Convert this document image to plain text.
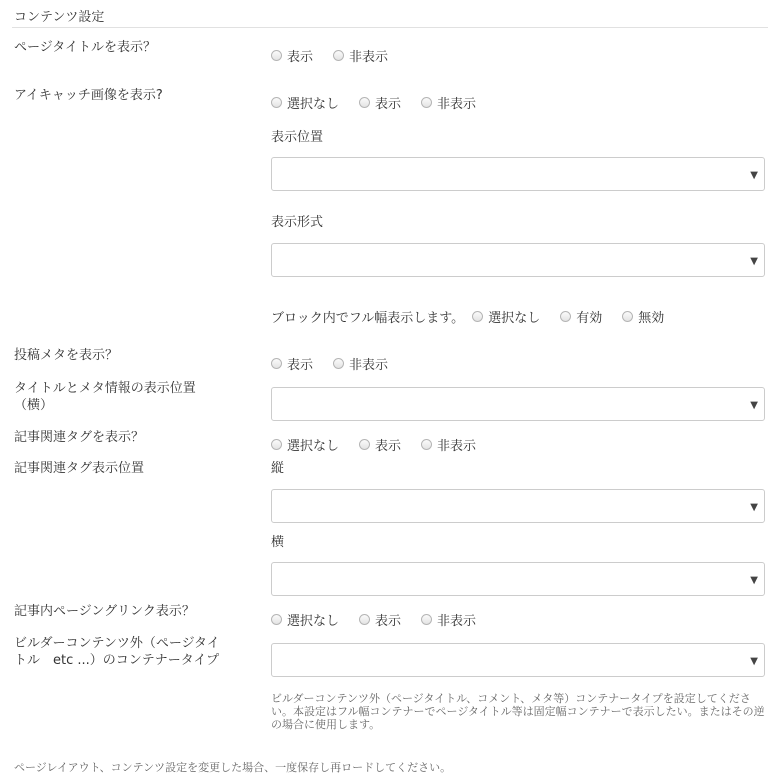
コンテンツ設定
ページタイトルを表示？
表示	非表示
アイキャッチ画像を表示?
選択なし	表示	非表示
表示位置
▼
表示形式
▼
ブロック内でフル幅表示します。 選択なし	有効	無効
投稿メタを表示？
表示	非表示
タイトルとメタ情報の表示位置
（横）	▼
記事関連タグを表示？
選択なし	表示	非表示
記事関連タグ表示位置	縦
▼
横
▼
記事内ページングリンク表示？
選択なし	表示	非表示
ビルダーコンテンツ外（ページタイ
トル　etc ...）のコンテナータイプ	▼
ビルダーコンテンツ外（ページタイトル、コメント、メタ等）コンテナータイプを設定してください。本設定はフル幅コンテナーでページタイトル等は固定幅コンテナーで表示したい。またはその逆の場合に使用します。
ページレイアウト、コンテンツ設定を変更した場合、一度保存し再ロードしてください。
